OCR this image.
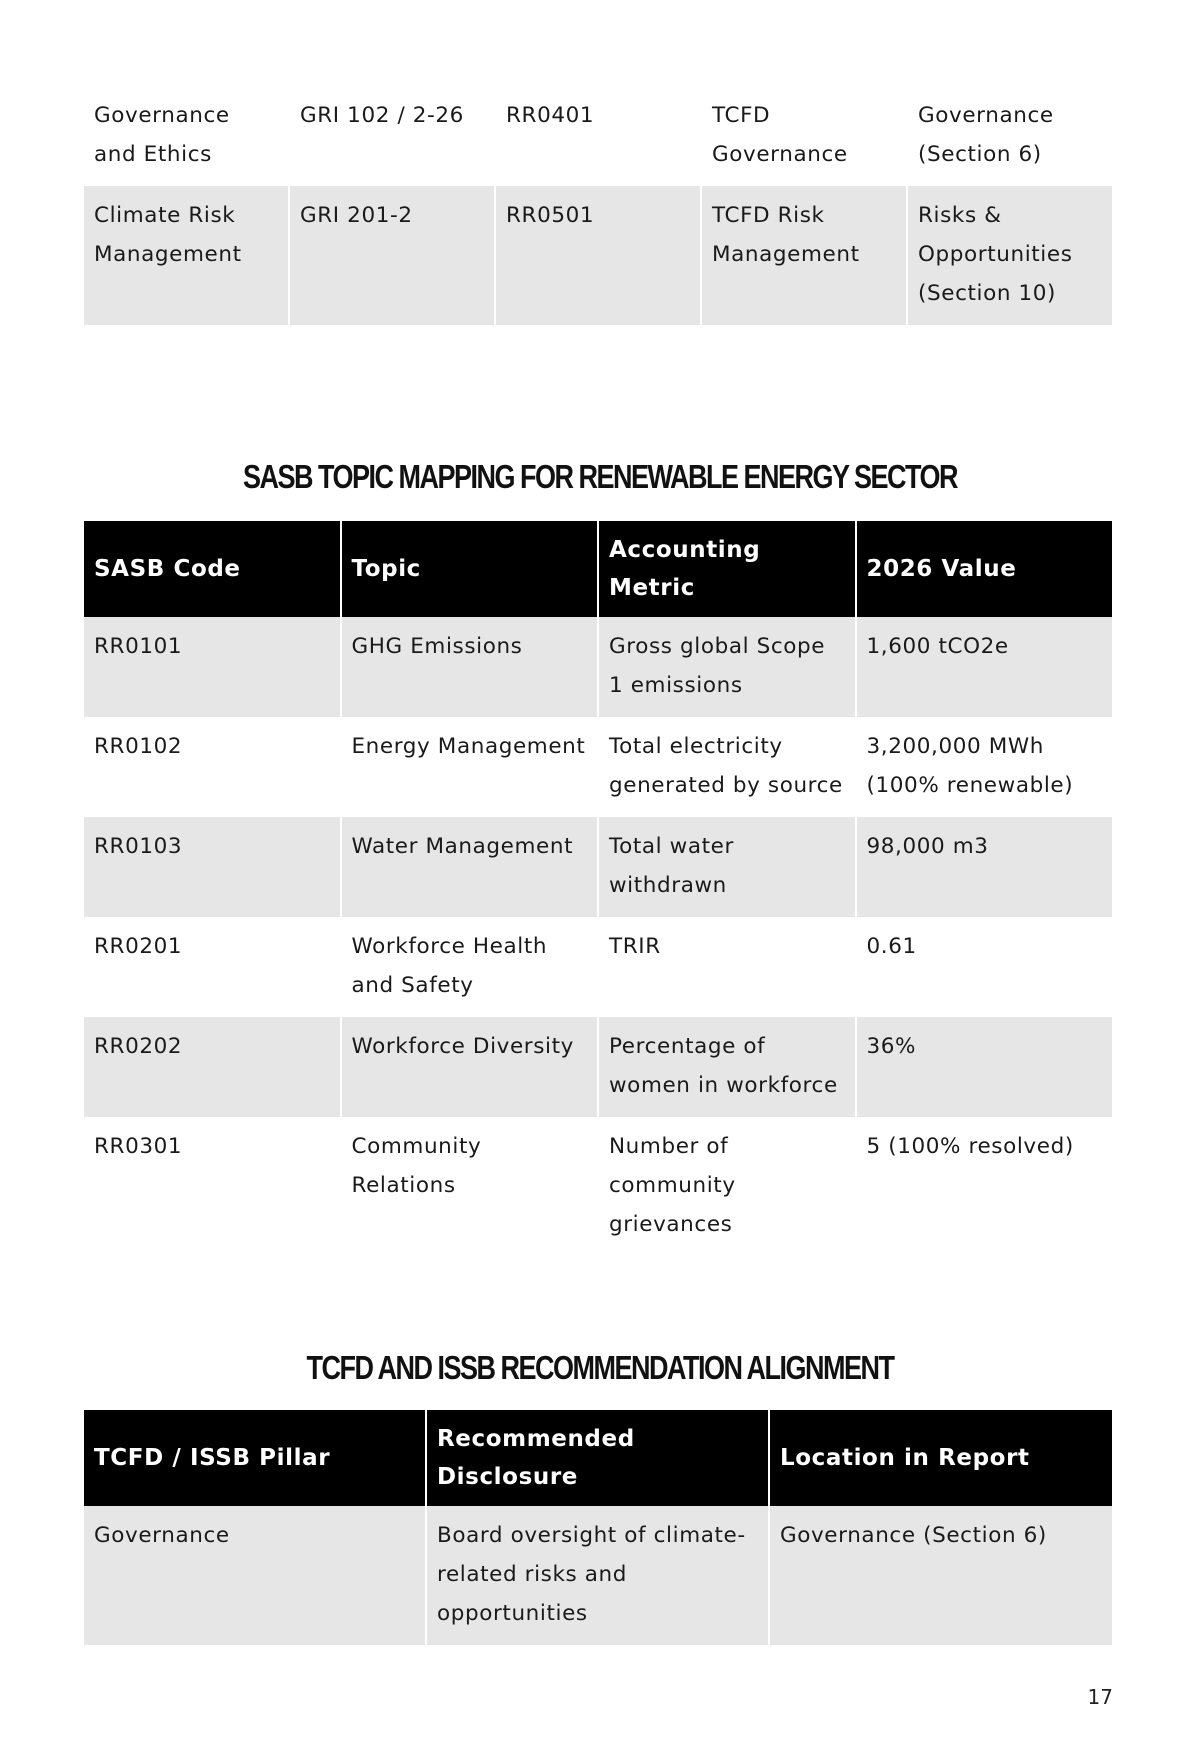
Governance and Ethics	GRI 102 / 2-26	RR0401	TCFD Governance	Governance (Section 6)
Climate Risk Management	GRI 201-2	RR0501	TCFD Risk Management	Risks & Opportunities (Section 10)
SASB TOPIC MAPPING FOR RENEWABLE ENERGY SECTOR
SASB Code	Topic	Accounting Metric	2026 Value
RR0101	GHG Emissions	Gross global Scope 1 emissions	1,600 tCO2e
RR0102	Energy Management	Total electricity generated by source	3,200,000 MWh (100% renewable)
RR0103	Water Management	Total water withdrawn	98,000 m3
RR0201	Workforce Health and Safety	TRIR	0.61
RR0202	Workforce Diversity	Percentage of women in workforce	36%
RR0301	Community Relations	Number of community grievances	5 (100% resolved)
TCFD AND ISSB RECOMMENDATION ALIGNMENT
TCFD / ISSB Pillar	Recommended Disclosure	Location in Report
Governance	Board oversight of climate-related risks and opportunities	Governance (Section 6)
17
